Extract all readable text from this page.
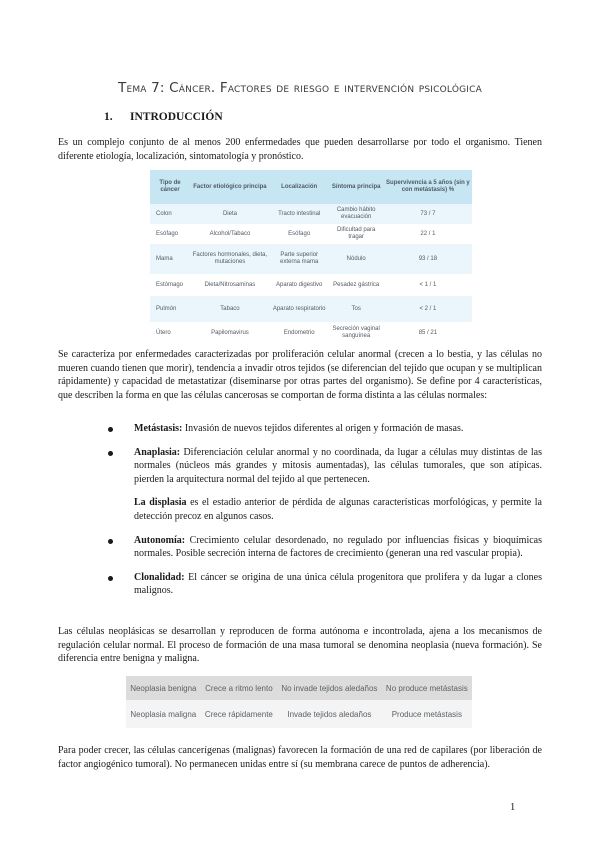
Tema 7: Cáncer. Factores de riesgo e intervención psicológica
1. INTRODUCCIÓN

Es un complejo conjunto de al menos 200 enfermedades que pueden desarrollarse por todo el organismo. Tienen diferente etiología, localización, sintomatología y pronóstico.

Tipo de cáncer	Factor etiológico principa	Localización	Síntoma principa	Supervivencia a 5 años (sin y con metástasis) %
Colon	Dieta	Tracto intestinal	Cambio hábito evacuación	73 / 7
Esófago	Alcohol/Tabaco	Esófago	Dificultad para tragar	22 / 1
Mama	Factores hormonales, dieta, mutaciones	Parte superior externa mama	Nódulo	93 / 18
Estómago	Dieta/Nitrosaminas	Aparato digestivo	Pesadez gástrica	< 1 / 1
Pulmón	Tabaco	Aparato respiratorio	Tos	< 2 / 1
Útero	Papilomavirus	Endometrio	Secreción vaginal sanguínea	85 / 21

Se caracteriza por enfermedades caracterizadas por proliferación celular anormal (crecen a lo bestia, y las células no mueren cuando tienen que morir), tendencia a invadir otros tejidos (se diferencian del tejido que ocupan y se multiplican rápidamente) y capacidad de metastatizar (diseminarse por otras partes del organismo). Se define por 4 características, que describen la forma en que las células cancerosas se comportan de forma distinta a las células normales:

Metástasis: Invasión de nuevos tejidos diferentes al origen y formación de masas.

Anaplasia: Diferenciación celular anormal y no coordinada, da lugar a células muy distintas de las normales (núcleos más grandes y mitosis aumentadas), las células tumorales, que son atípicas. pierden la arquitectura normal del tejido al que pertenecen.

La displasia es el estadio anterior de pérdida de algunas características morfológicas, y permite la detección precoz en algunos casos.

Autonomía: Crecimiento celular desordenado, no regulado por influencias físicas y bioquímicas normales. Posible secreción interna de factores de crecimiento (generan una red vascular propia).

Clonalidad: El cáncer se origina de una única célula progenitora que prolifera y da lugar a clones malignos.

Las células neoplásicas se desarrollan y reproducen de forma autónoma e incontrolada, ajena a los mecanismos de regulación celular normal. El proceso de formación de una masa tumoral se denomina neoplasia (nueva formación). Se diferencia entre benigna y maligna.

Neoplasia benigna	Crece a ritmo lento	No invade tejidos aledaños	No produce metástasis
Neoplasia maligna	Crece rápidamente	Invade tejidos aledaños	Produce metástasis

Para poder crecer, las células cancerígenas (malignas) favorecen la formación de una red de capilares (por liberación de factor angiogénico tumoral). No permanecen unidas entre sí (su membrana carece de puntos de adherencia).

1
